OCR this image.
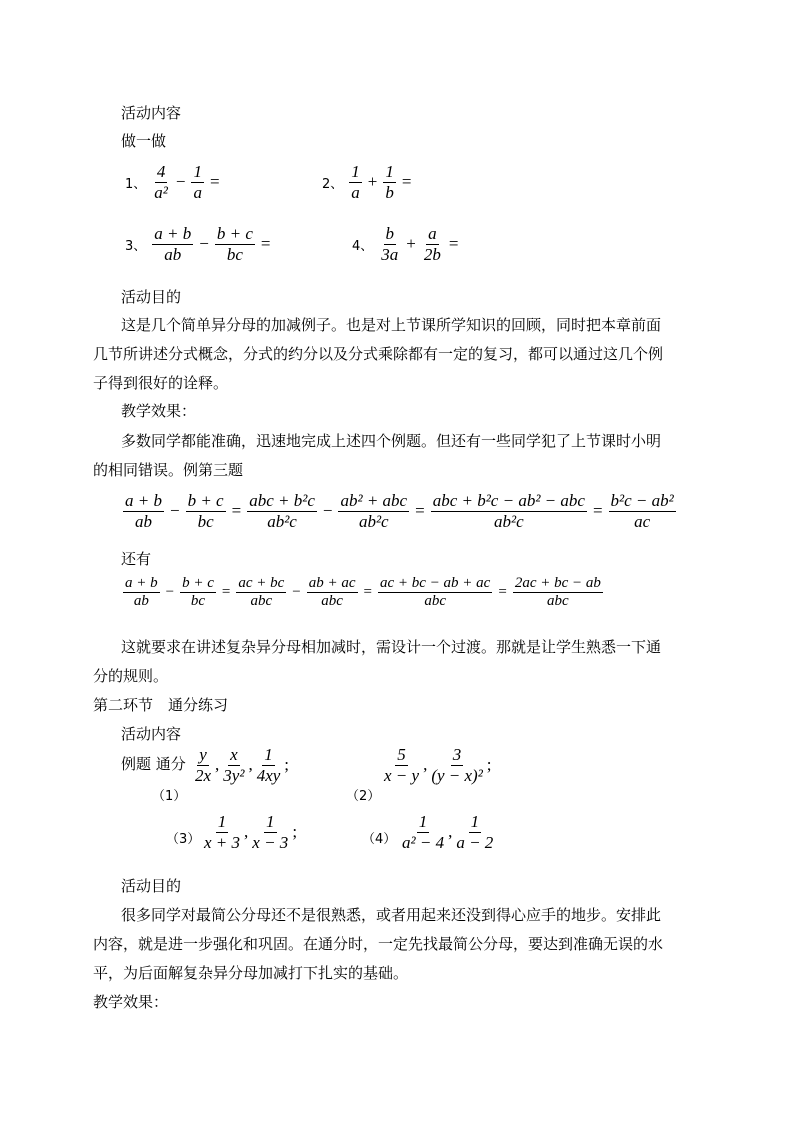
活动内容
做一做
1、 $\frac{4}{\text{a²}} - \frac{1}{a}$ =	2、 $\frac{1}{a} + \frac{1}{b}$ =
3、 $\frac{a + b}{ab} - \frac{b + c}{bc}$ =	4、 $\frac{b}{3a} + \frac{a}{2b}$ =
活动目的
这是几个简单异分母的加减例子。也是对上节课所学知识的回顾，同时把本章前面
几节所讲述分式概念，分式的约分以及分式乘除都有一定的复习，都可以通过这几个例
子得到很好的诠释。
教学效果：
多数同学都能准确，迅速地完成上述四个例题。但还有一些同学犯了上节课时小明
的相同错误。例第三题
$\frac{a + b}{ab} - \frac{b + c}{bc} = \frac{\text{abc + b²c}}{\text{ab²c}} - \frac{\text{ab² + abc}}{\text{ab²c}} = \frac{\text{abc + b²c − ab² − abc}}{\text{ab²c}} = \frac{\text{b²c − ab²}}{ac}$
还有
$\frac{a + b}{ab} - \frac{b + c}{bc} = \frac{ac + bc}{\text{abc}} - \frac{ab + ac}{\text{abc}} = \frac{ac + bc - ab + ac}{\text{abc}} = \frac{2ac + bc - ab}{\text{abc}}$
这就要求在讲述复杂异分母相加减时，需设计一个过渡。那就是让学生熟悉一下通
分的规则。
第二环节　通分练习
活动内容
例题 通分
（1）
$\frac{y}{2x}$ , $\frac{x}{\text{3y²}}$ , $\frac{1}{4xy}$ ;
（2）
$\frac{5}{x - y}$ , $\frac{3}{\text{(y − x)²}}$ ;
$(3) \frac{1}{x + 3}$ , $\frac{1}{x - 3}$ ;	$(4) \frac{1}{\text{a² − 4}}$ , $\frac{1}{a - 2}$
活动目的
很多同学对最简公分母还不是很熟悉，或者用起来还没到得心应手的地步。安排此
内容，就是进一步强化和巩固。在通分时，一定先找最简公分母，要达到准确无误的水
平，为后面解复杂异分母加减打下扎实的基础。
教学效果：
